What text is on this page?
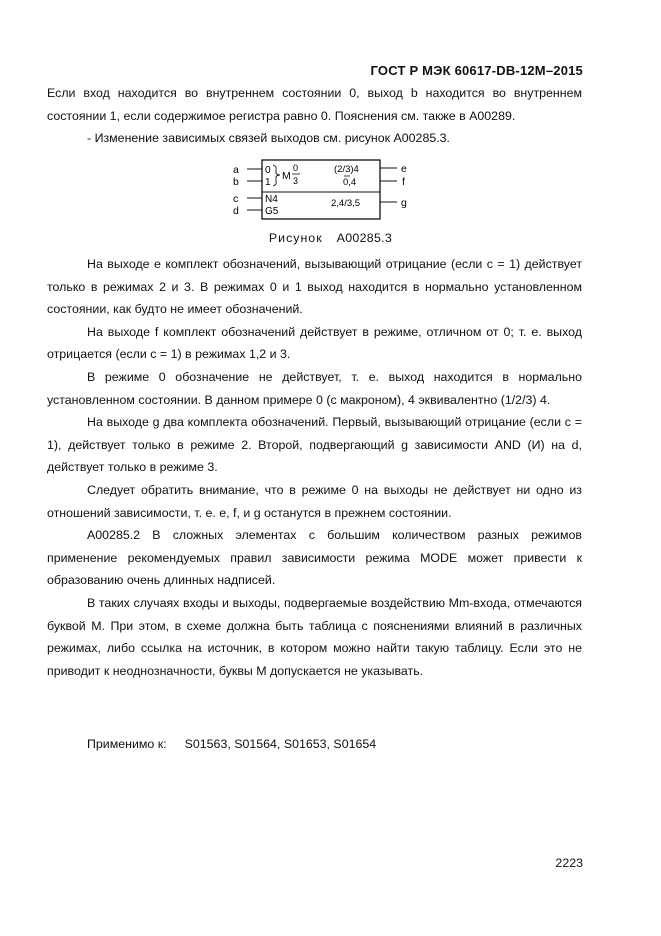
ГОСТ Р МЭК 60617-DB-12M–2015

Если вход находится во внутреннем состоянии 0, выход b находится во внутреннем состоянии 1, если содержимое регистра равно 0. Пояснения см. также в A00289.

- Изменение зависимых связей выходов см. рисунок A00285.3.

a
b
c
d
0
1
M
0
3
N4
G5
(2/3)4
0,4
2,4/3,5
e
f
g
Рисунок A00285.3

На выходе e комплект обозначений, вызывающий отрицание (если c = 1) действует только в режимах 2 и 3. В режимах 0 и 1 выход находится в нормально установленном состоянии, как будто не имеет обозначений.

На выходе f комплект обозначений действует в режиме, отличном от 0; т. е. выход отрицается (если c = 1) в режимах 1,2 и 3.

В режиме 0 обозначение не действует, т. е. выход находится в нормально установленном состоянии. В данном примере 0 (с макроном), 4 эквивалентно (1/2/3) 4.

На выходе g два комплекта обозначений. Первый, вызывающий отрицание (если c = 1), действует только в режиме 2. Второй, подвергающий g зависимости AND (И) на d, действует только в режиме 3.

Следует обратить внимание, что в режиме 0 на выходы не действует ни одно из отношений зависимости, т. е. e, f, и g останутся в прежнем состоянии.

A00285.2 В сложных элементах с большим количеством разных режимов применение рекомендуемых правил зависимости режима MODE может привести к образованию очень длинных надписей.

В таких случаях входы и выходы, подвергаемые воздействию Mm-входа, отмечаются буквой M. При этом, в схеме должна быть таблица с пояснениями влияний в различных режимах, либо ссылка на источник, в котором можно найти такую таблицу. Если это не приводит к неоднозначности, буквы M допускается не указывать.

Применимо к: S01563, S01564, S01653, S01654
2223
